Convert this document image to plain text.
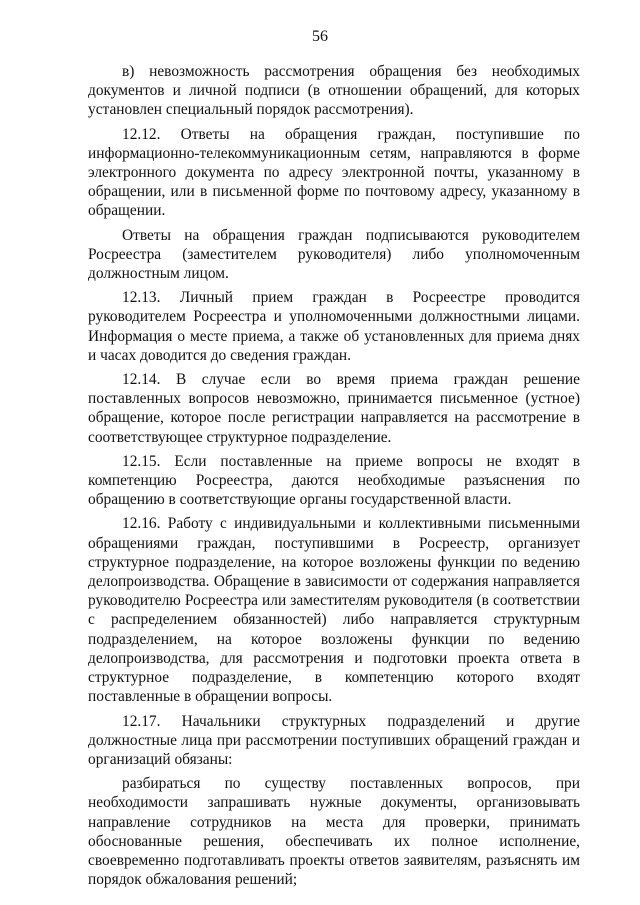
56

в) невозможность рассмотрения обращения без необходимых документов и личной подписи (в отношении обращений, для которых установлен специальный порядок рассмотрения).

12.12. Ответы на обращения граждан, поступившие по информационно-телекоммуникационным сетям, направляются в форме электронного документа по адресу электронной почты, указанному в обращении, или в письменной форме по почтовому адресу, указанному в обращении.

Ответы на обращения граждан подписываются руководителем Росреестра (заместителем руководителя) либо уполномоченным должностным лицом.

12.13. Личный прием граждан в Росреестре проводится руководителем Росреестра и уполномоченными должностными лицами. Информация о месте приема, а также об установленных для приема днях и часах доводится до сведения граждан.

12.14. В случае если во время приема граждан решение поставленных вопросов невозможно, принимается письменное (устное) обращение, которое после регистрации направляется на рассмотрение в соответствующее структурное подразделение.

12.15. Если поставленные на приеме вопросы не входят в компетенцию Росреестра, даются необходимые разъяснения по обращению в соответствующие органы государственной власти.

12.16. Работу с индивидуальными и коллективными письменными обращениями граждан, поступившими в Росреестр, организует структурное подразделение, на которое возложены функции по ведению делопроизводства. Обращение в зависимости от содержания направляется руководителю Росреестра или заместителям руководителя (в соответствии с распределением обязанностей) либо направляется структурным подразделением, на которое возложены функции по ведению делопроизводства, для рассмотрения и подготовки проекта ответа в структурное подразделение, в компетенцию которого входят поставленные в обращении вопросы.

12.17. Начальники структурных подразделений и другие должностные лица при рассмотрении поступивших обращений граждан и организаций обязаны:

разбираться по существу поставленных вопросов, при необходимости запрашивать нужные документы, организовывать направление сотрудников на места для проверки, принимать обоснованные решения, обеспечивать их полное исполнение, своевременно подготавливать проекты ответов заявителям, разъяснять им порядок обжалования решений;
